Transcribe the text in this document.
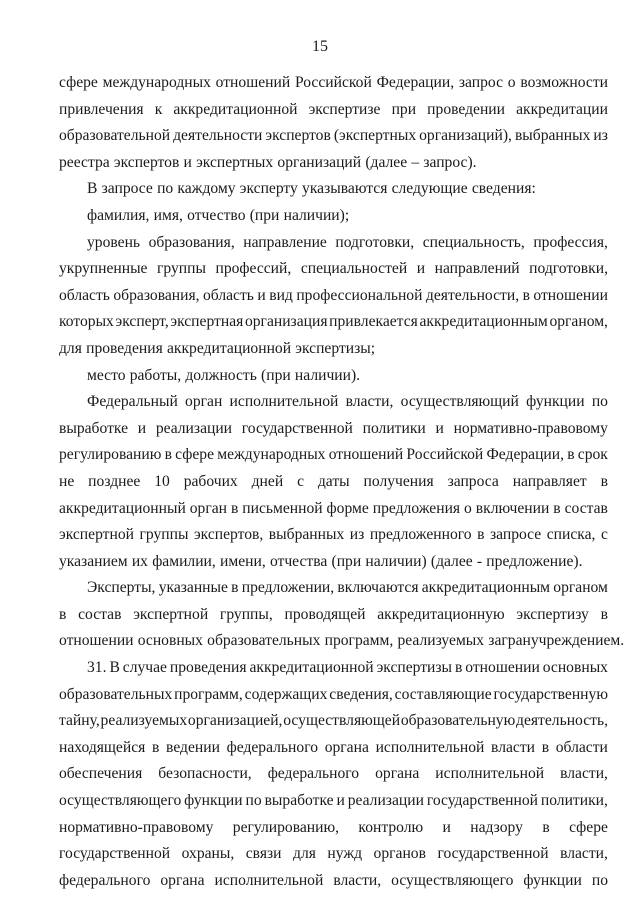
15
сфере международных отношений Российской Федерации, запрос о возможности
привлечения к аккредитационной экспертизе при проведении аккредитации
образовательной деятельности экспертов (экспертных организаций), выбранных из
реестра экспертов и экспертных организаций (далее – запрос).
В запросе по каждому эксперту указываются следующие сведения:
фамилия, имя, отчество (при наличии);
уровень образования, направление подготовки, специальность, профессия,
укрупненные группы профессий, специальностей и направлений подготовки,
область образования, область и вид профессиональной деятельности, в отношении
которых эксперт, экспертная организация привлекается аккредитационным органом,
для проведения аккредитационной экспертизы;
место работы, должность (при наличии).
Федеральный орган исполнительной власти, осуществляющий функции по
выработке и реализации государственной политики и нормативно-правовому
регулированию в сфере международных отношений Российской Федерации, в срок
не позднее 10 рабочих дней с даты получения запроса направляет в
аккредитационный орган в письменной форме предложения о включении в состав
экспертной группы экспертов, выбранных из предложенного в запросе списка, с
указанием их фамилии, имени, отчества (при наличии) (далее - предложение).
Эксперты, указанные в предложении, включаются аккредитационным органом
в состав экспертной группы, проводящей аккредитационную экспертизу в
отношении основных образовательных программ, реализуемых загранучреждением.
31. В случае проведения аккредитационной экспертизы в отношении основных
образовательных программ, содержащих сведения, составляющие государственную
тайну, реализуемых организацией, осуществляющей образовательную деятельность,
находящейся в ведении федерального органа исполнительной власти в области
обеспечения безопасности, федерального органа исполнительной власти,
осуществляющего функции по выработке и реализации государственной политики,
нормативно-правовому регулированию, контролю и надзору в сфере
государственной охраны, связи для нужд органов государственной власти,
федерального органа исполнительной власти, осуществляющего функции по
